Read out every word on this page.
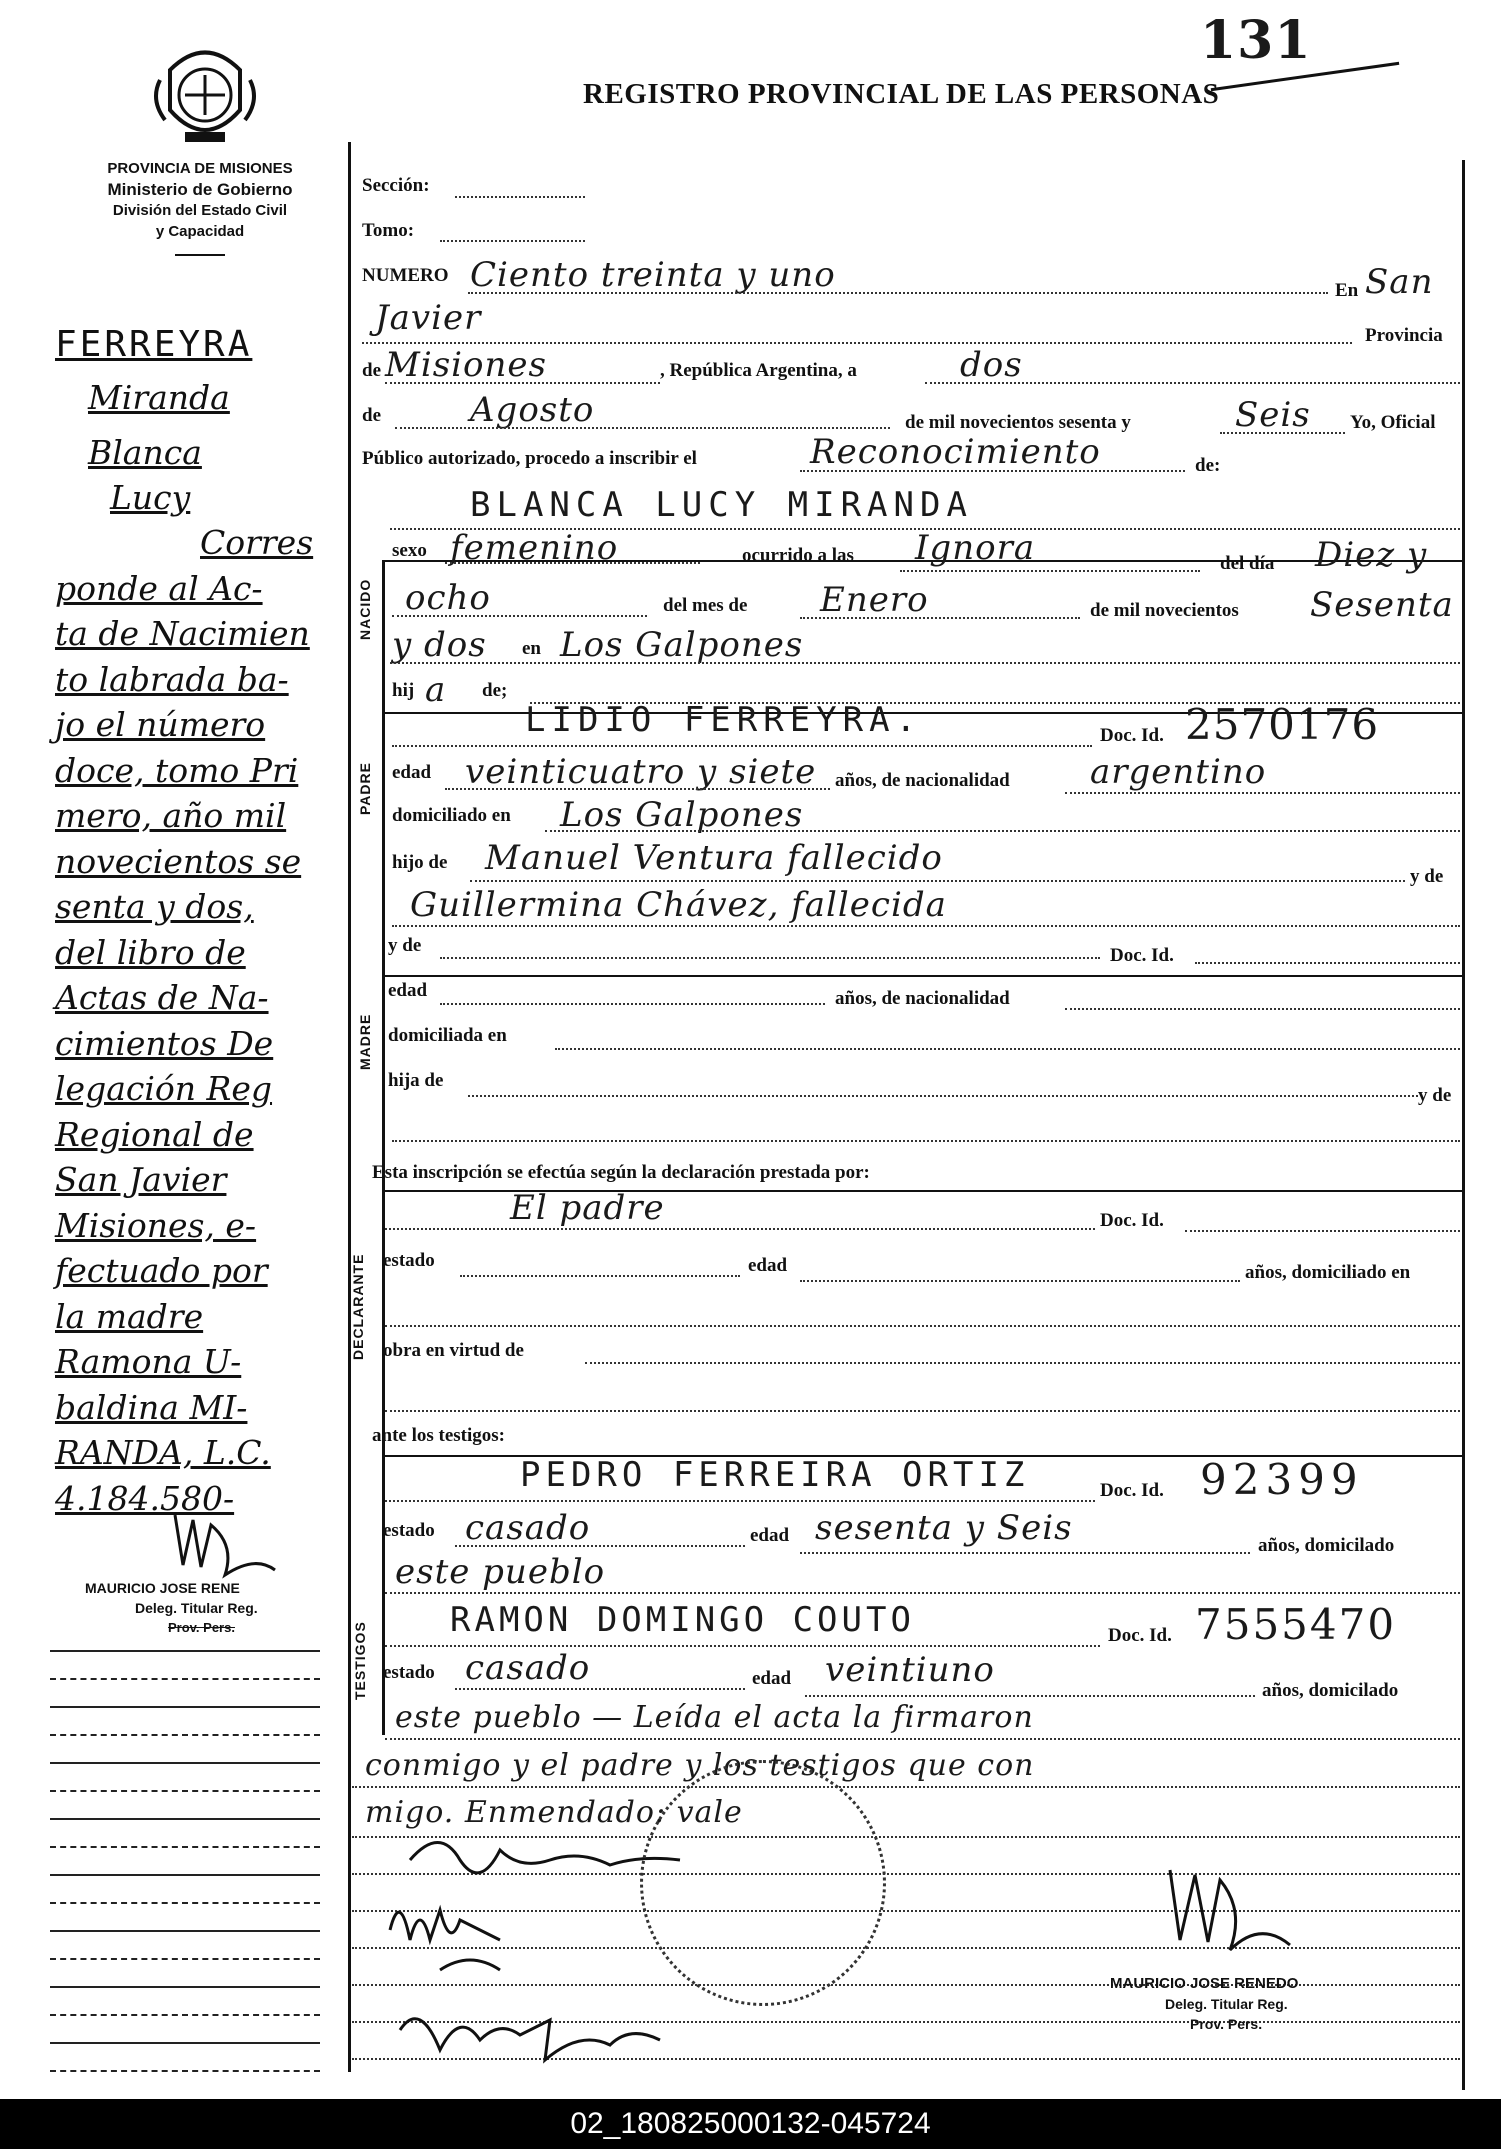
131
PROVINCIA DE MISIONES
Ministerio de Gobierno
División del Estado Civil
y Capacidad
REGISTRO PROVINCIAL DE LAS PERSONAS
FERREYRA
Miranda
Blanca
Lucy
Corres
ponde al Ac-
ta de Nacimien
to labrada ba-
jo el número
doce, tomo Pri
mero, año mil
novecientos se
senta y dos,
del libro de
Actas de Na-
cimientos De
legación Reg
Regional de
San Javier
Misiones, e-
fectuado por
la madre
Ramona U-
baldina MI-
RANDA, L.C.
4.184.580-
MAURICIO JOSE RENE
Deleg. Titular Reg.
Prov. Pers.
Sección:
Tomo:
NUMERO Ciento treinta y uno	En San
Javier	Provincia
de Misiones	, República Argentina, a	dos
de	Agosto	de mil novecientos sesenta y	Seis Yo, Oficial
Público autorizado, procedo a inscribir el	Reconocimiento	de:
BLANCA LUCY MIRANDA
NACIDO
sexo femenino	ocurrido a las Ignora	del día Diez y
ocho	del mes de Enero	de mil novecientos Sesenta
y dos en Los Galpones
hij a de;
PADRE
LIDIO FERREYRA.	Doc. Id. 2570176
edad veinticuatro y siete años, de nacionalidad argentino
domiciliado en Los Galpones
hijo de Manuel Ventura fallecido	y de
Guillermina Chávez, fallecida
y de	Doc. Id.
MADRE
edad	años, de nacionalidad
domiciliada en
hija de
y de
Esta inscripción se efectúa según la declaración prestada por:
DECLARANTE
El padre	Doc. Id.
estado	edad	años, domiciliado en
obra en virtud de
ante los testigos:
TESTIGOS
PEDRO FERREIRA ORTIZ	Doc. Id. 92399
estado casado	edad sesenta y Seis	años, domicilado
este pueblo
RAMON DOMINGO COUTO	Doc. Id. 7555470
estado casado	edad veintiuno
años, domicilado
este pueblo — Leída el acta la firmaron
conmigo y el padre y los testigos que con
migo. Enmendado: vale
MAURICIO JOSE RENEDO
Deleg. Titular Reg.
Prov. Pers.
02_180825000132-045724
